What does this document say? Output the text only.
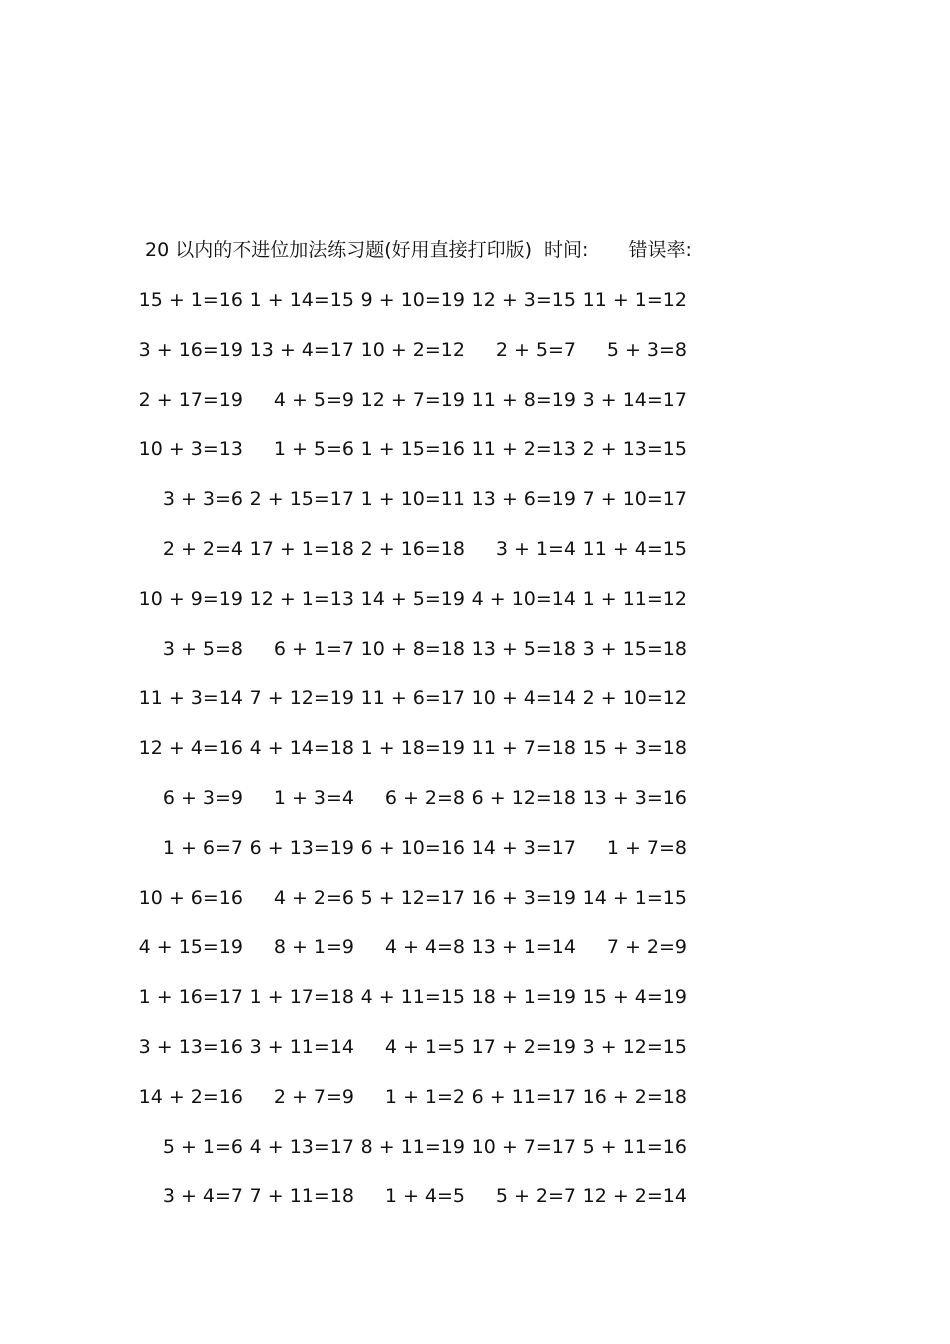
20 以内的不进位加法练习题(好用直接打印版) 时间: 错误率:
15 + 1=16 1 + 14=15 9 + 10=19 12 + 3=15 11 + 1=12
3 + 16=19 13 + 4=17 10 + 2=12	2 + 5=7	5 + 3=8
2 + 17=19	4 + 5=9 12 + 7=19 11 + 8=19 3 + 14=17
10 + 3=13	1 + 5=6 1 + 15=16 11 + 2=13 2 + 13=15
3 + 3=6 2 + 15=17 1 + 10=11 13 + 6=19 7 + 10=17
2 + 2=4 17 + 1=18 2 + 16=18	3 + 1=4 11 + 4=15
10 + 9=19 12 + 1=13 14 + 5=19 4 + 10=14 1 + 11=12
3 + 5=8	6 + 1=7 10 + 8=18 13 + 5=18 3 + 15=18
11 + 3=14 7 + 12=19 11 + 6=17 10 + 4=14 2 + 10=12
12 + 4=16 4 + 14=18 1 + 18=19 11 + 7=18 15 + 3=18
6 + 3=9	1 + 3=4	6 + 2=8 6 + 12=18 13 + 3=16
1 + 6=7 6 + 13=19 6 + 10=16 14 + 3=17	1 + 7=8
10 + 6=16	4 + 2=6 5 + 12=17 16 + 3=19 14 + 1=15
4 + 15=19	8 + 1=9	4 + 4=8 13 + 1=14	7 + 2=9
1 + 16=17 1 + 17=18 4 + 11=15 18 + 1=19 15 + 4=19
3 + 13=16 3 + 11=14	4 + 1=5 17 + 2=19 3 + 12=15
14 + 2=16	2 + 7=9	1 + 1=2 6 + 11=17 16 + 2=18
5 + 1=6 4 + 13=17 8 + 11=19 10 + 7=17 5 + 11=16
3 + 4=7 7 + 11=18	1 + 4=5	5 + 2=7 12 + 2=14
